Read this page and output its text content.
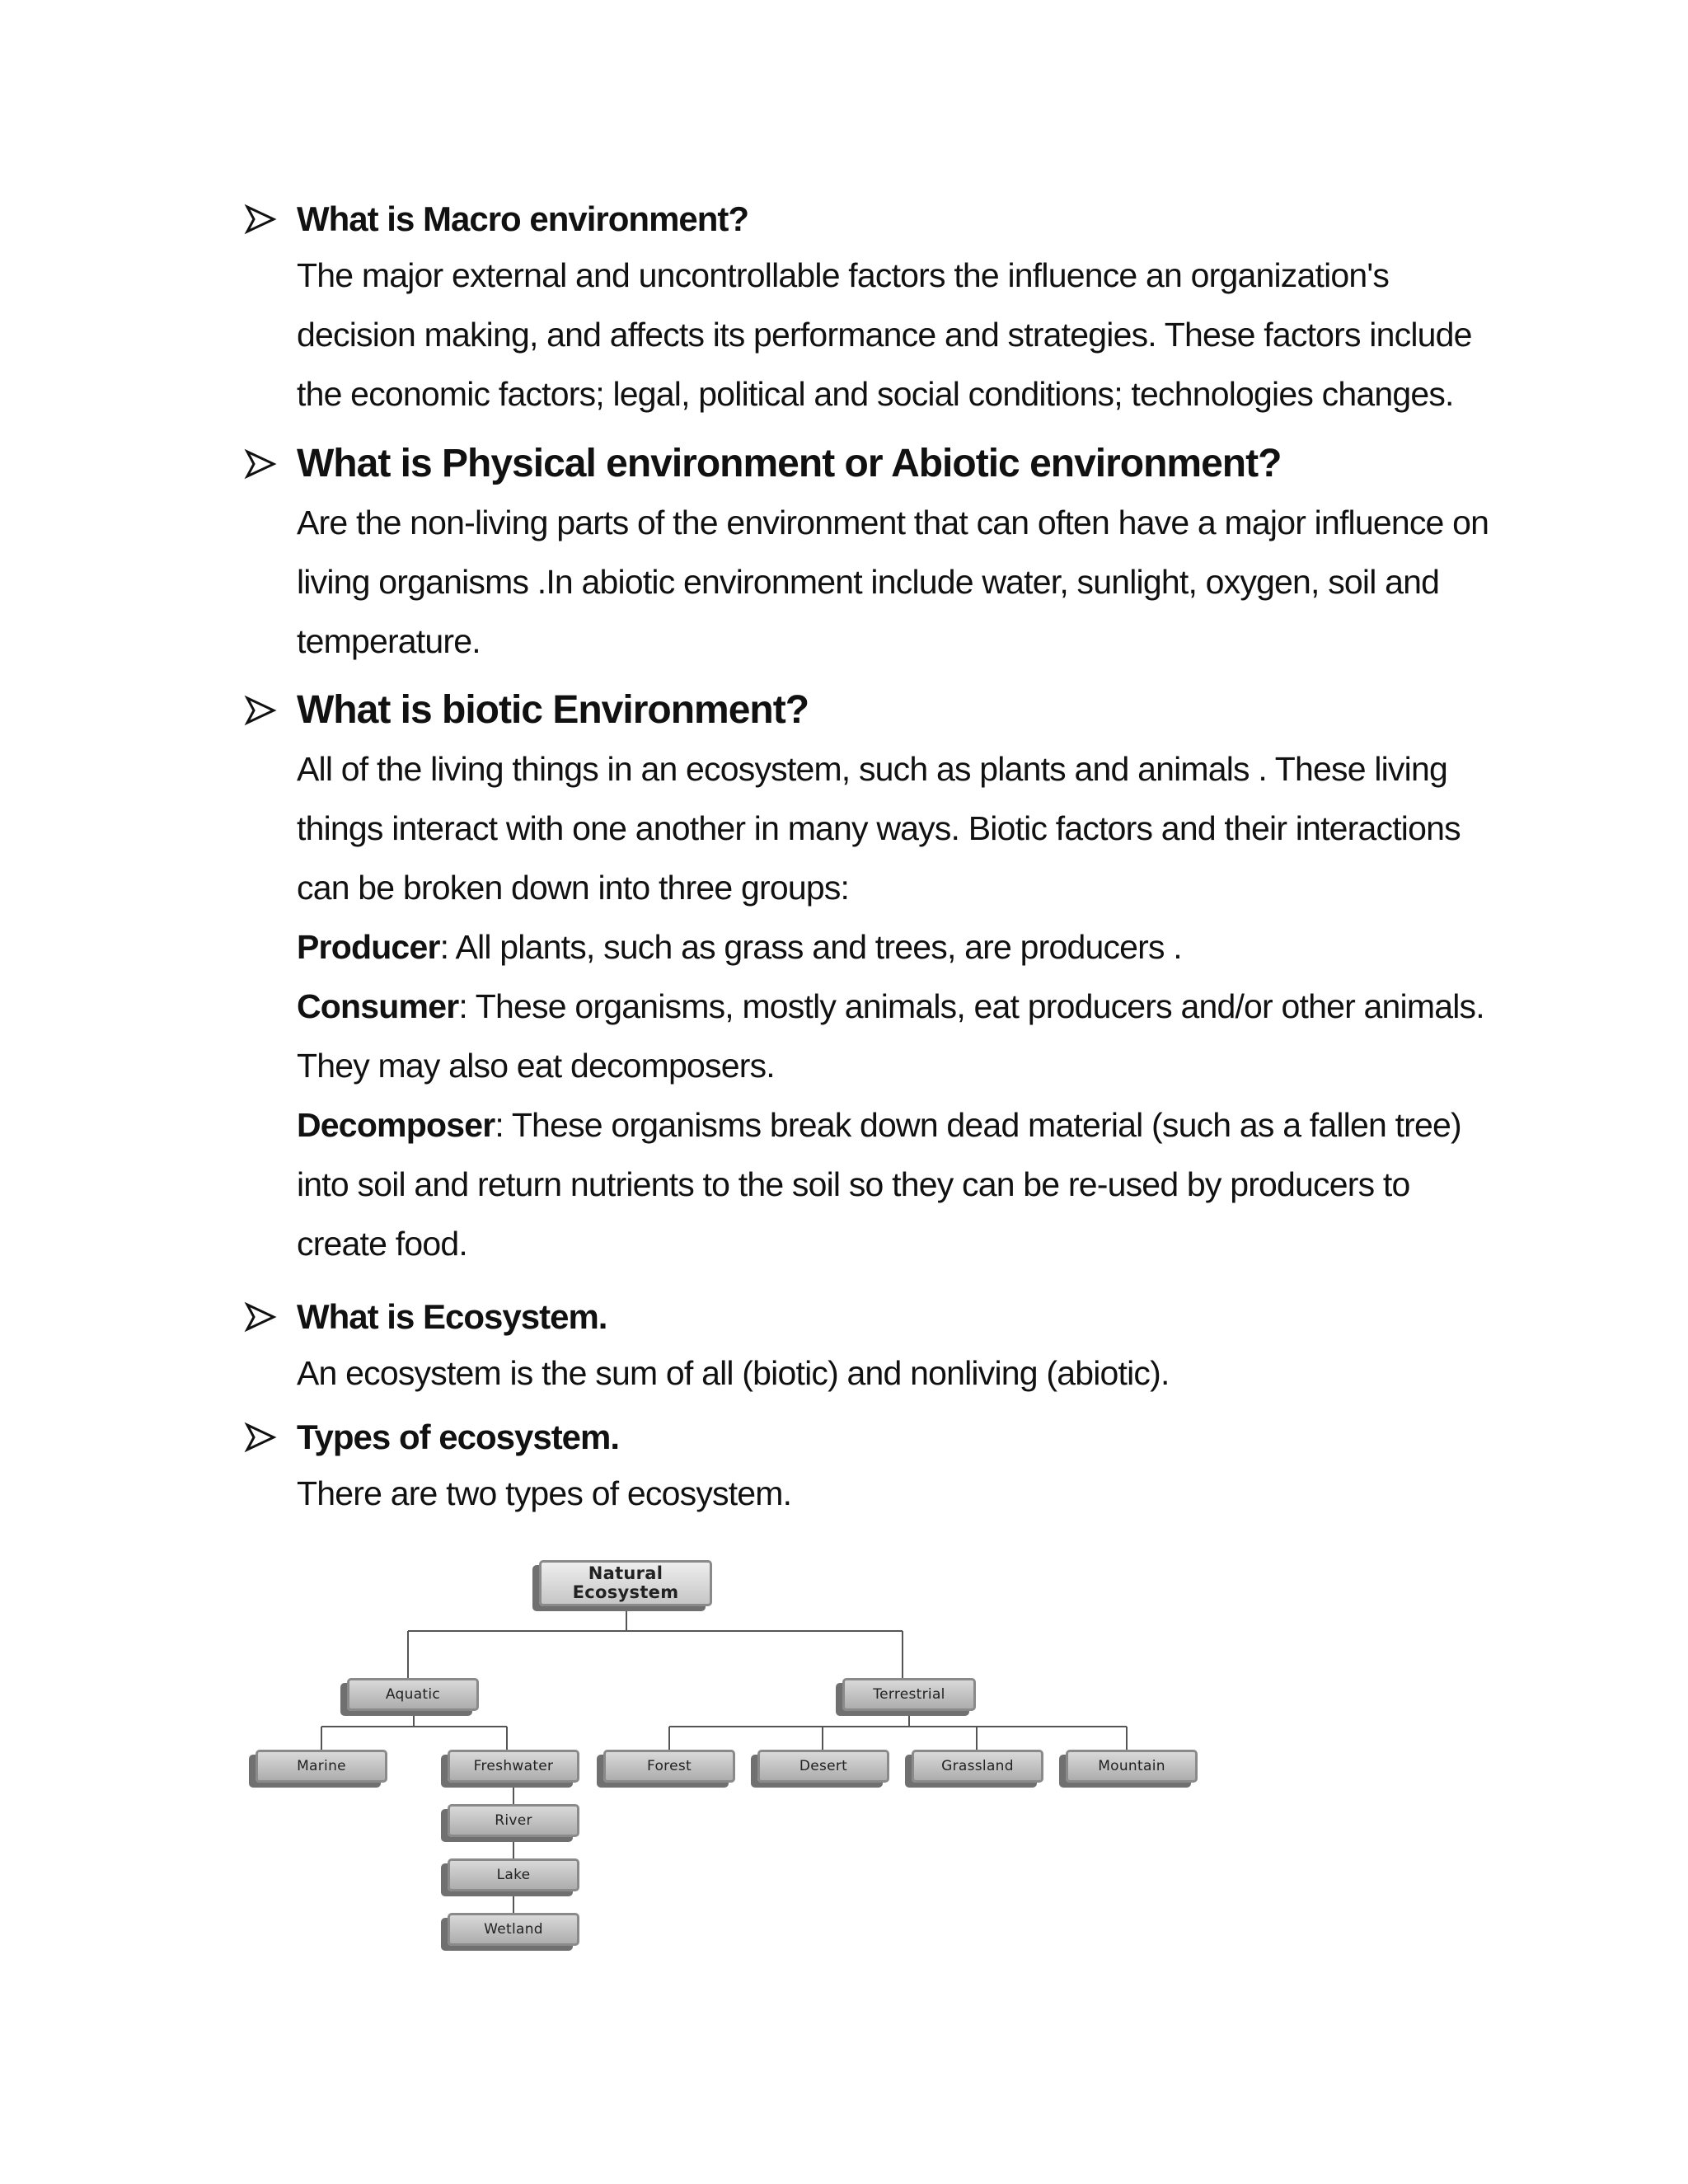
What is Macro environment?

The major external and uncontrollable factors the influence an organization's decision making, and affects its performance and strategies. These factors include the economic factors; legal, political and social conditions; technologies changes.

What is Physical environment or Abiotic environment?

Are the non-living parts of the environment that can often have a major influence on living organisms .In abiotic environment include water, sunlight, oxygen, soil and temperature.

What is biotic Environment?

All of the living things in an ecosystem, such as plants and animals . These living things interact with one another in many ways. Biotic factors and their interactions can be broken down into three groups:

Producer: All plants, such as grass and trees, are producers .

Consumer: These organisms, mostly animals, eat producers and/or other animals. They may also eat decomposers.

Decomposer: These organisms break down dead material (such as a fallen tree) into soil and return nutrients to the soil so they can be re-used by producers to create food.

What is Ecosystem.

An ecosystem is the sum of all (biotic) and nonliving (abiotic).

Types of ecosystem.

There are two types of ecosystem.

Natural
Ecosystem
Aquatic	Terrestrial
Marine	Freshwater
River
Lake
Wetland
Forest	Desert	Grassland	Mountain
